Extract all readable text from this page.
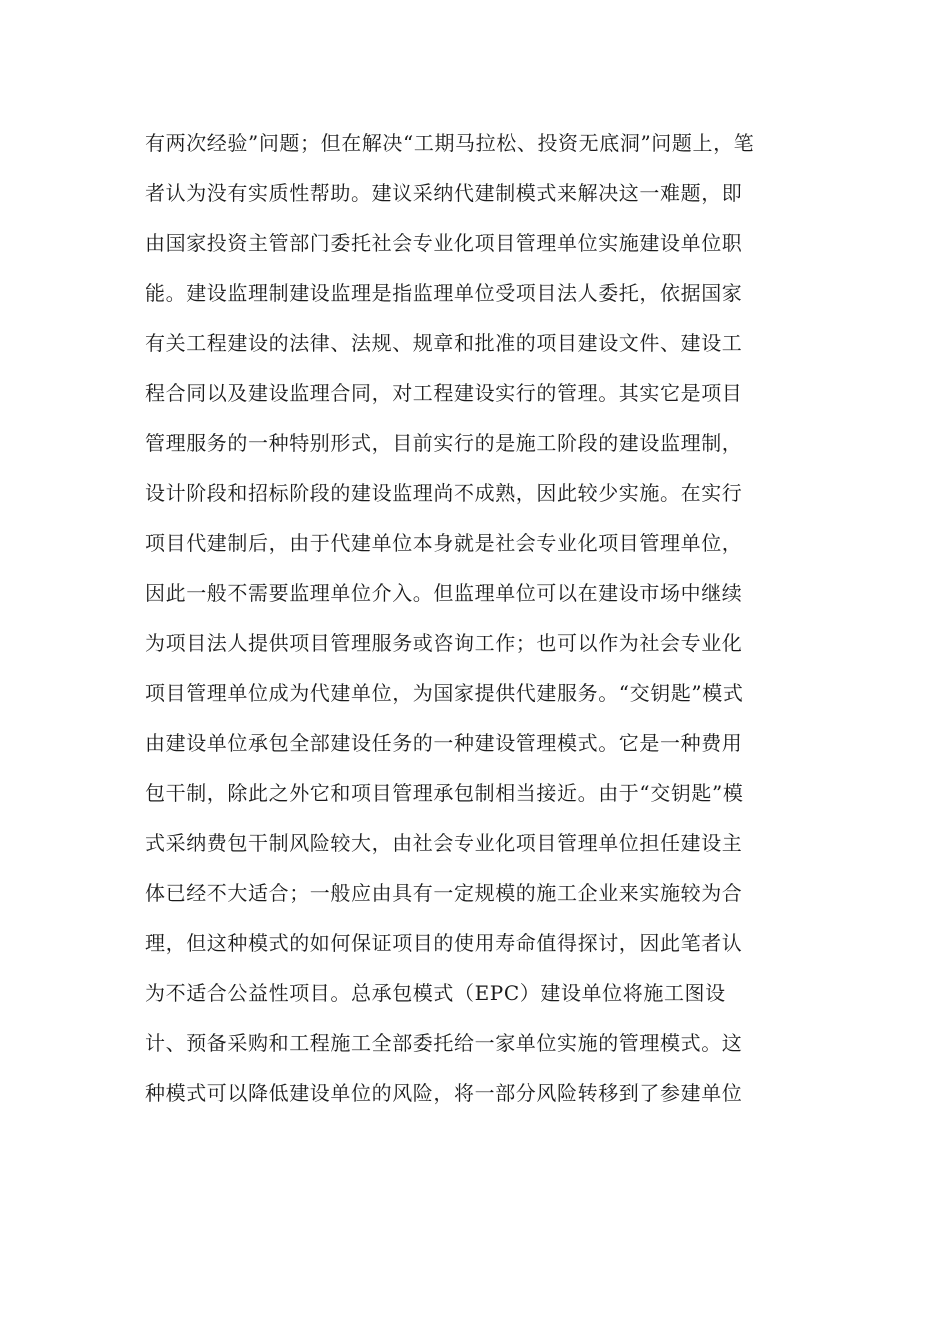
有两次经验”问题；但在解决“工期马拉松、投资无底洞”问题上，笔
者认为没有实质性帮助。建议采纳代建制模式来解决这一难题，即
由国家投资主管部门委托社会专业化项目管理单位实施建设单位职
能。建设监理制建设监理是指监理单位受项目法人委托，依据国家
有关工程建设的法律、法规、规章和批准的项目建设文件、建设工
程合同以及建设监理合同，对工程建设实行的管理。其实它是项目
管理服务的一种特别形式，目前实行的是施工阶段的建设监理制，
设计阶段和招标阶段的建设监理尚不成熟，因此较少实施。在实行
项目代建制后，由于代建单位本身就是社会专业化项目管理单位，
因此一般不需要监理单位介入。但监理单位可以在建设市场中继续
为项目法人提供项目管理服务或咨询工作；也可以作为社会专业化
项目管理单位成为代建单位，为国家提供代建服务。“交钥匙”模式
由建设单位承包全部建设任务的一种建设管理模式。它是一种费用
包干制，除此之外它和项目管理承包制相当接近。由于“交钥匙”模
式采纳费包干制风险较大，由社会专业化项目管理单位担任建设主
体已经不大适合；一般应由具有一定规模的施工企业来实施较为合
理，但这种模式的如何保证项目的使用寿命值得探讨，因此笔者认
为不适合公益性项目。总承包模式（EPC）建设单位将施工图设
计、预备采购和工程施工全部委托给一家单位实施的管理模式。这
种模式可以降低建设单位的风险，将一部分风险转移到了参建单位
